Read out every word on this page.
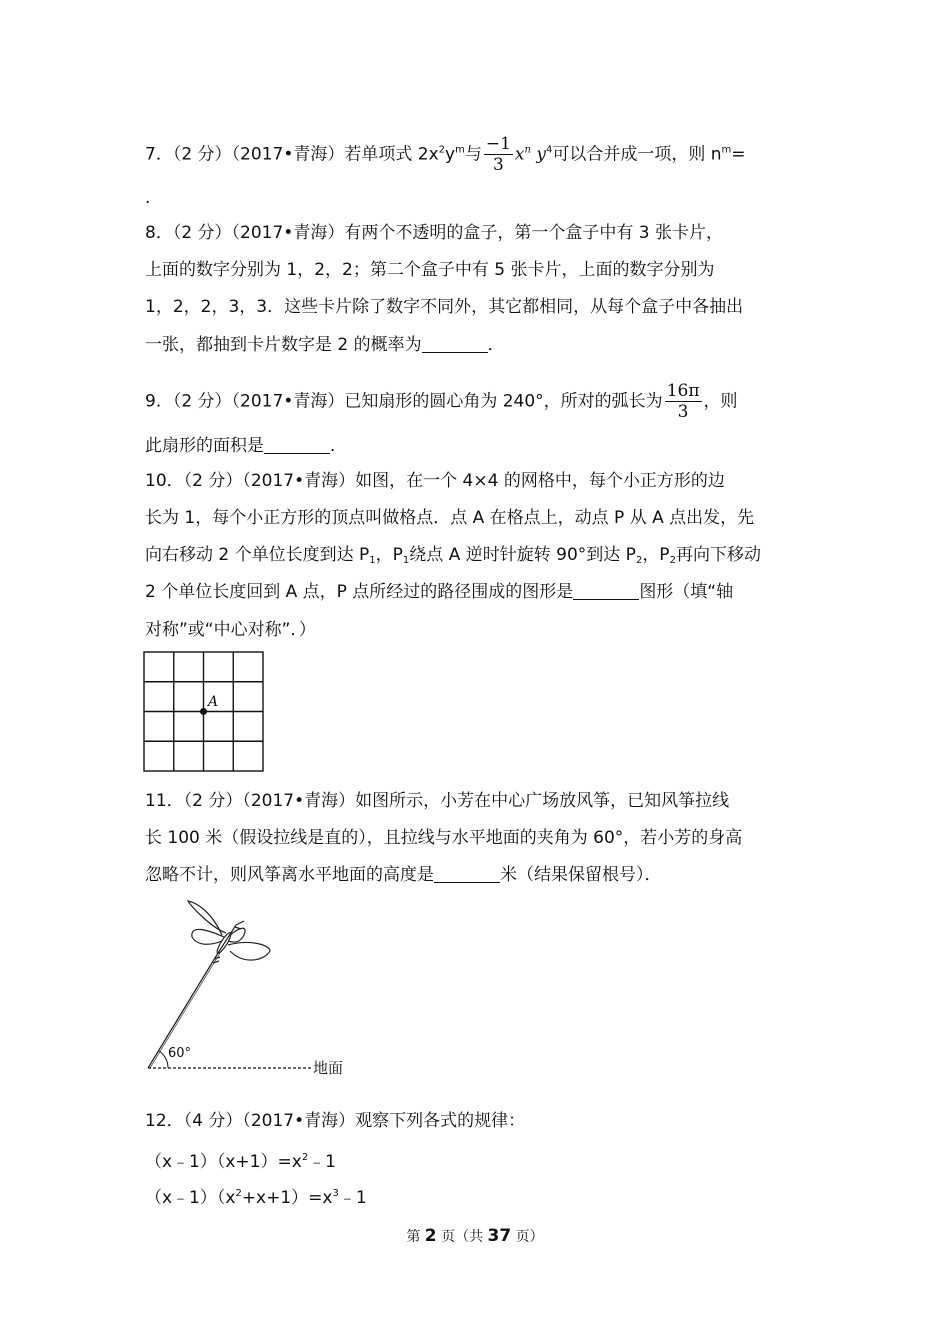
7．（2 分）（2017•青海）若单项式 $2x^2y^m$与 $\frac{-1}{3} x^n$ $y^4$可以合并成一项，则 $n^m=$
.
8．（2 分）（2017•青海）有两个不透明的盒子，第一个盒子中有 3 张卡片，
上面的数字分别为 1，2，2；第二个盒子中有 5 张卡片，上面的数字分别为
1，2，2，3，3．这些卡片除了数字不同外，其它都相同，从每个盒子中各抽出
一张，都抽到卡片数字是 2 的概率为	．
9．（2 分）（2017•青海）已知扇形的圆心角为 240°，所对的弧长为 $\frac{16\pi}{3}$ ，则
此扇形的面积是	．
10．（2 分）（2017•青海）如图，在一个 4×4 的网格中，每个小正方形的边
长为 1，每个小正方形的顶点叫做格点．点 A 在格点上，动点 P 从 A 点出发，先
向右移动 2 个单位长度到达 $P_1$，$P_1$绕点 A 逆时针旋转 90°到达 $P_2$，$P_2$再向下移动
2 个单位长度回到 A 点，P 点所经过的路径围成的图形是	图形（填“轴
对称”或“中心对称”．）
A
11．（2 分）（2017•青海）如图所示，小芳在中心广场放风筝，已知风筝拉线
长 100 米（假设拉线是直的），且拉线与水平地面的夹角为 60°，若小芳的身高
忽略不计，则风筝离水平地面的高度是	米（结果保留根号）．
60°
地面
12．（4 分）（2017•青海）观察下列各式的规律：
$(x﹣1)(x+1)=x^2﹣1$
$(x﹣1)(x^2+x+1)=x^3﹣1$
第 2 页（共 37 页）
